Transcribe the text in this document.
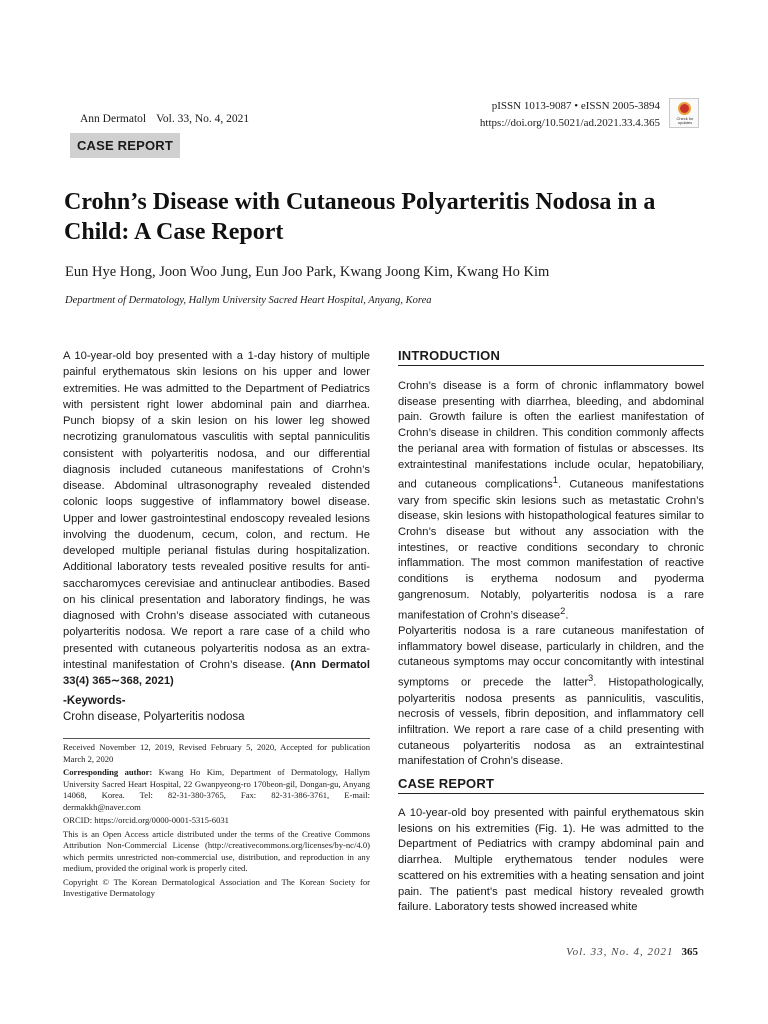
Ann Dermatol Vol. 33, No. 4, 2021
pISSN 1013-9087 • eISSN 2005-3894
https://doi.org/10.5021/ad.2021.33.4.365	Check for updates
CASE REPORT
Crohn’s Disease with Cutaneous Polyarteritis Nodosa in a Child: A Case Report
Eun Hye Hong, Joon Woo Jung, Eun Joo Park, Kwang Joong Kim, Kwang Ho Kim
Department of Dermatology, Hallym University Sacred Heart Hospital, Anyang, Korea

A 10-year-old boy presented with a 1-day history of multiple painful erythematous skin lesions on his upper and lower extremities. He was admitted to the Department of Pediatrics with persistent right lower abdominal pain and diarrhea. Punch biopsy of a skin lesion on his lower leg showed necrotizing granulomatous vasculitis with septal panniculitis consistent with polyarteritis nodosa, and our differential diagnosis included cutaneous manifestations of Crohn’s disease. Abdominal ultrasonography revealed distended colonic loops suggestive of inflammatory bowel disease. Upper and lower gastrointestinal endoscopy revealed lesions involving the duodenum, cecum, colon, and rectum. He developed multiple perianal fistulas during hospitalization. Additional laboratory tests revealed positive results for anti-saccharomyces cerevisiae and antinuclear antibodies. Based on his clinical presentation and laboratory findings, he was diagnosed with Crohn’s disease associated with cutaneous polyarteritis nodosa. We report a rare case of a child who presented with cutaneous polyarteritis nodosa as an extra-intestinal manifestation of Crohn’s disease. (Ann Dermatol 33(4) 365∼368, 2021)

-Keywords-
Crohn disease, Polyarteritis nodosa

Received November 12, 2019, Revised February 5, 2020, Accepted for publication March 2, 2020

Corresponding author: Kwang Ho Kim, Department of Dermatology, Hallym University Sacred Heart Hospital, 22 Gwanpyeong-ro 170beon-gil, Dongan-gu, Anyang 14068, Korea. Tel: 82-31-380-3765, Fax: 82-31-386-3761, E-mail: dermakkh@naver.com

ORCID: https://orcid.org/0000-0001-5315-6031

This is an Open Access article distributed under the terms of the Creative Commons Attribution Non-Commercial License (http://creativecommons.org/licenses/by-nc/4.0) which permits unrestricted non-commercial use, distribution, and reproduction in any medium, provided the original work is properly cited.

Copyright © The Korean Dermatological Association and The Korean Society for Investigative Dermatology

INTRODUCTION

Crohn’s disease is a form of chronic inflammatory bowel disease presenting with diarrhea, bleeding, and abdominal pain. Growth failure is often the earliest manifestation of Crohn’s disease in children. This condition commonly affects the perianal area with formation of fistulas or abscesses. Its extraintestinal manifestations include ocular, hepatobiliary, and cutaneous complications$^1$. Cutaneous manifestations vary from specific skin lesions such as metastatic Crohn’s disease, skin lesions with histopathological features similar to Crohn’s disease but without any association with the intestines, or reactive conditions secondary to chronic inflammation. The most common manifestation of reactive conditions is erythema nodosum and pyoderma gangrenosum. Notably, polyarteritis nodosa is a rare manifestation of Crohn’s disease$^2$.

Polyarteritis nodosa is a rare cutaneous manifestation of inflammatory bowel disease, particularly in children, and the cutaneous symptoms may occur concomitantly with intestinal symptoms or precede the latter$^3$. Histopathologically, polyarteritis nodosa presents as panniculitis, vasculitis, necrosis of vessels, fibrin deposition, and inflammatory cell infiltration. We report a rare case of a child presenting with cutaneous polyarteritis nodosa as an extraintestinal manifestation of Crohn’s disease.

CASE REPORT

A 10-year-old boy presented with painful erythematous skin lesions on his extremities (Fig. 1). He was admitted to the Department of Pediatrics with crampy abdominal pain and diarrhea. Multiple erythematous tender nodules were scattered on his extremities with a heating sensation and joint pain. The patient’s past medical history revealed growth failure. Laboratory tests showed increased white

Vol. 33, No. 4, 2021 365
